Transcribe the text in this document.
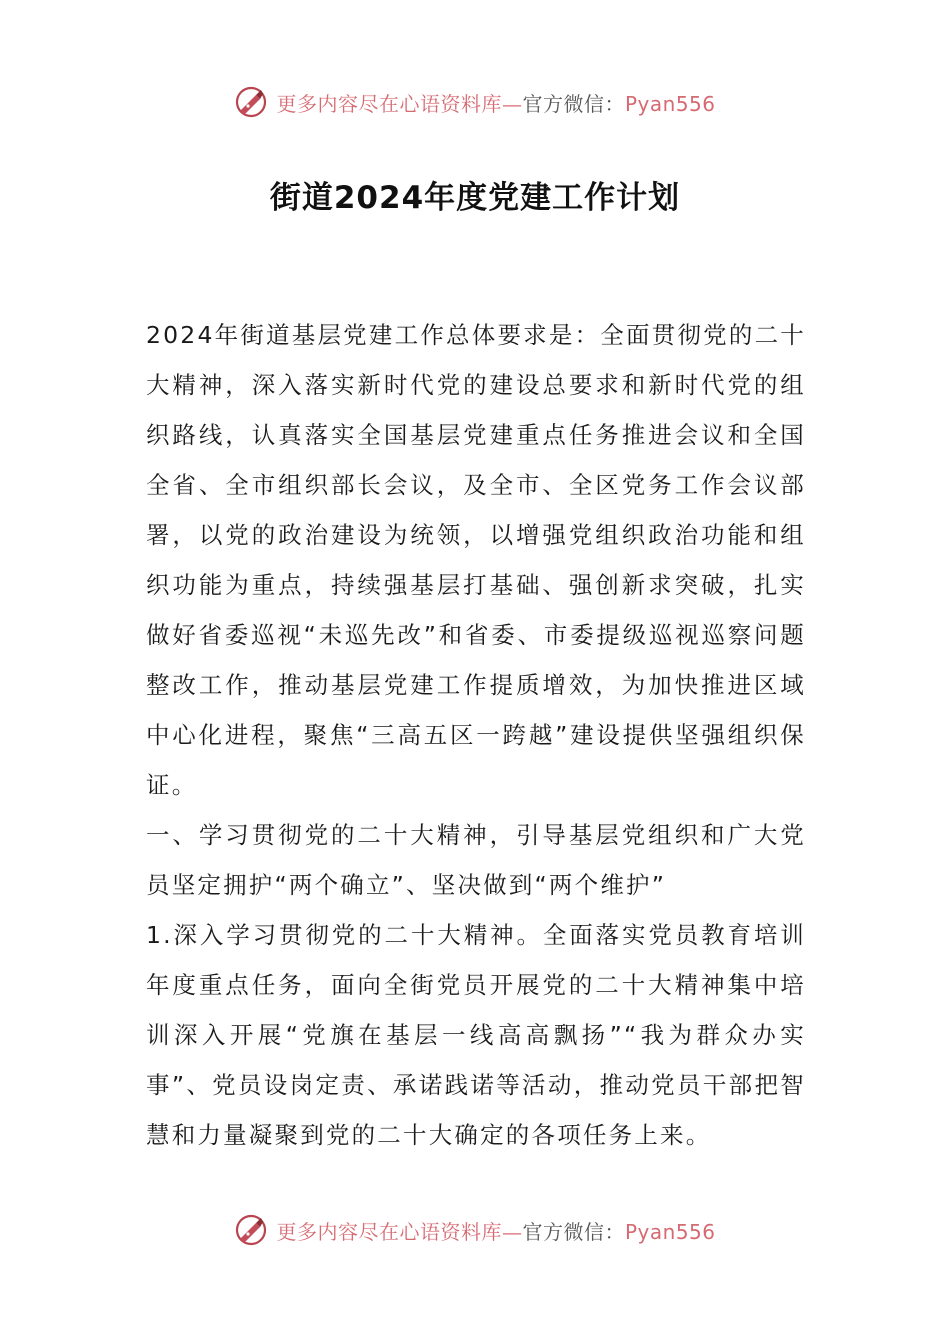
更多内容尽在心语资料库—官方微信：Pyan556
街道2024年度党建工作计划

2024年街道基层党建工作总体要求是：全面贯彻党的二十大精神，深入落实新时代党的建设总要求和新时代党的组织路线，认真落实全国基层党建重点任务推进会议和全国全省、全市组织部长会议，及全市、全区党务工作会议部署，以党的政治建设为统领，以增强党组织政治功能和组织功能为重点，持续强基层打基础、强创新求突破，扎实做好省委巡视“未巡先改”和省委、市委提级巡视巡察问题整改工作，推动基层党建工作提质增效，为加快推进区域中心化进程，聚焦“三高五区一跨越”建设提供坚强组织保证。

一、学习贯彻党的二十大精神，引导基层党组织和广大党员坚定拥护“两个确立”、坚决做到“两个维护”

1.深入学习贯彻党的二十大精神。全面落实党员教育培训年度重点任务，面向全街党员开展党的二十大精神集中培训深入开展“党旗在基层一线高高飘扬”“我为群众办实事”、党员设岗定责、承诺践诺等活动，推动党员干部把智慧和力量凝聚到党的二十大确定的各项任务上来。

更多内容尽在心语资料库—官方微信：Pyan556
